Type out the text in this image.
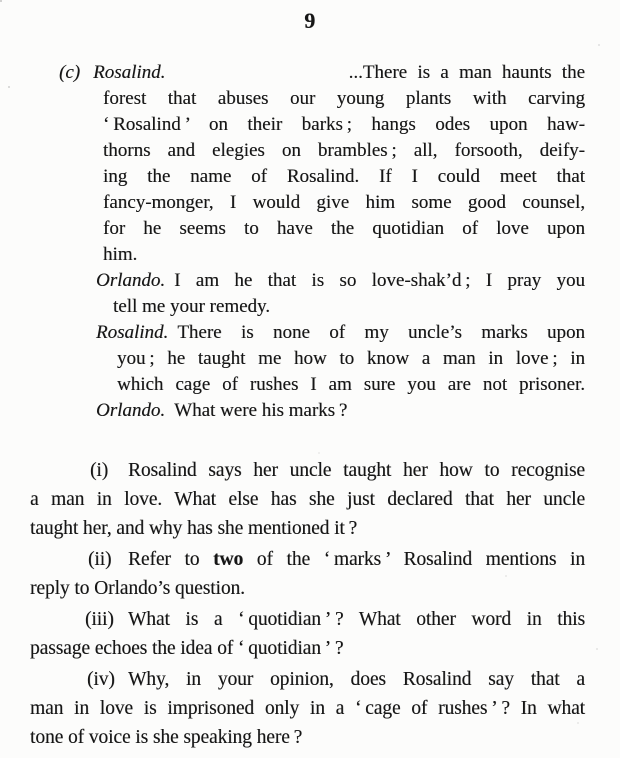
9
(c) Rosalind.	...There is a man haunts the
forest that abuses our young plants with carving
‘ Rosalind ’ on their barks ; hangs odes upon haw-
thorns and elegies on brambles ; all, forsooth, deify-
ing the name of Rosalind. If I could meet that
fancy-monger, I would give him some good counsel,
for he seems to have the quotidian of love upon
him.
Orlando. I am he that is so love-shak’d ; I pray you
tell me your remedy.
Rosalind. There is none of my uncle’s marks upon
you ; he taught me how to know a man in love ; in
which cage of rushes I am sure you are not prisoner.
Orlando. What were his marks ?
(i) Rosalind says her uncle taught her how to recognise
a man in love. What else has she just declared that her uncle
taught her, and why has she mentioned it ?
(ii) Refer to two of the ‘ marks ’ Rosalind mentions in
reply to Orlando’s question.
(iii) What is a ‘ quotidian ’ ? What other word in this
passage echoes the idea of ‘ quotidian ’ ?
(iv) Why, in your opinion, does Rosalind say that a
man in love is imprisoned only in a ‘ cage of rushes ’ ? In what
tone of voice is she speaking here ?
